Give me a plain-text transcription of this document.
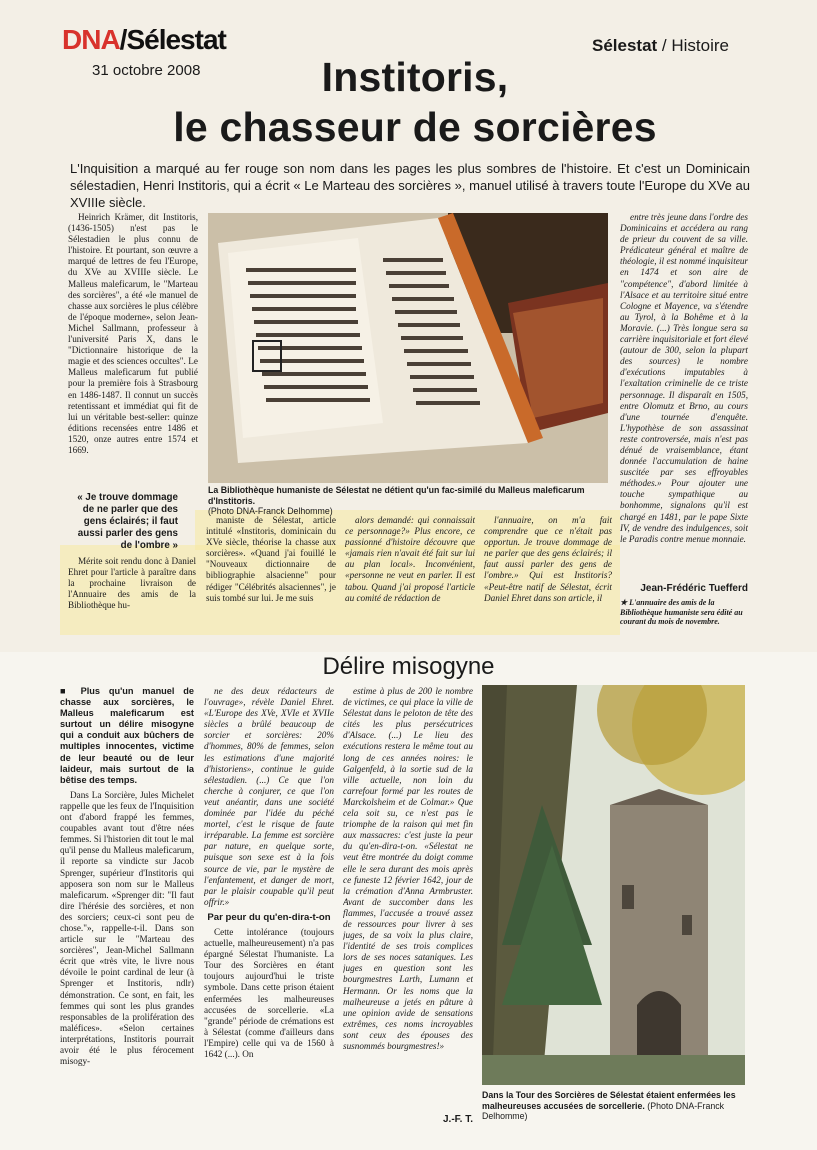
DNA/Sélestat
31 octobre 2008
Sélestat / Histoire
Institoris,
le chasseur de sorcières
L'Inquisition a marqué au fer rouge son nom dans les pages les plus sombres de l'histoire. Et c'est un Dominicain sélestadien, Henri Institoris, qui a écrit « Le Marteau des sorcières », manuel utilisé à travers toute l'Europe du XVe au XVIIIe siècle.

Heinrich Krämer, dit Institoris, (1436-1505) n'est pas le Sélestadien le plus connu de l'histoire. Et pourtant, son œuvre a marqué de lettres de feu l'Europe, du XVe au XVIIIe siècle. Le Malleus maleficarum, le "Marteau des sorcières", a été «le manuel de chasse aux sorcières le plus célèbre de l'époque moderne», selon Jean-Michel Sallmann, professeur à l'université Paris X, dans le "Dictionnaire historique de la magie et des sciences occultes". Le Malleus maleficarum fut publié pour la première fois à Strasbourg en 1486-1487. Il connut un succès retentissant et immédiat qui fit de lui un véritable best-seller: quinze éditions recensées entre 1486 et 1520, onze autres entre 1574 et 1669.

La Bibliothèque humaniste de Sélestat ne détient qu'un fac-similé du Malleus maleficarum d'Institoris.
(Photo DNA-Franck Delhomme)

entre très jeune dans l'ordre des Dominicains et accédera au rang de prieur du couvent de sa ville. Prédicateur général et maître de théologie, il est nommé inquisiteur en 1474 et son aire de "compétence", d'abord limitée à l'Alsace et au territoire situé entre Cologne et Mayence, va s'étendre au Tyrol, à la Bohême et à la Moravie. (...) Très longue sera sa carrière inquisitoriale et fort élevé (autour de 300, selon la plupart des sources) le nombre d'exécutions imputables à l'exaltation criminelle de ce triste personnage. Il disparaît en 1505, entre Olomutz et Brno, au cours d'une tournée d'enquête. L'hypothèse de son assassinat reste controversée, mais n'est pas dénué de vraisemblance, étant donnée l'accumulation de haine suscitée par ses effroyables méthodes.» Pour ajouter une touche sympathique au bonhomme, signalons qu'il est chargé en 1481, par le pape Sixte IV, de vendre des indulgences, soit le Paradis contre menue monnaie.

Jean-Frédéric Tuefferd
★ L'annuaire des amis de la Bibliothèque humaniste sera édité au courant du mois de novembre.
« Je trouve dommage de ne parler que des gens éclairés; il faut aussi parler des gens de l'ombre »

Mérite soit rendu donc à Daniel Ehret pour l'article à paraître dans la prochaine livraison de l'Annuaire des amis de la Bibliothèque hu-

maniste de Sélestat, article intitulé «Institoris, dominicain du XVe siècle, théorise la chasse aux sorcières». «Quand j'ai fouillé le "Nouveaux dictionnaire de bibliographie alsacienne" pour rédiger "Célébrités alsaciennes", je suis tombé sur lui. Je me suis

alors demandé: qui connaissait ce personnage?» Plus encore, ce passionné d'histoire découvre que «jamais rien n'avait été fait sur lui au plan local». Inconvénient, «personne ne veut en parler. Il est tabou. Quand j'ai proposé l'article au comité de rédaction de

l'annuaire, on m'a fait comprendre que ce n'était pas opportun. Je trouve dommage de ne parler que des gens éclairés; il faut aussi parler des gens de l'ombre.» Qui est Institoris? «Peut-être natif de Sélestat, écrit Daniel Ehret dans son article, il

Délire misogyne

■ Plus qu'un manuel de chasse aux sorcières, le Malleus maleficarum est surtout un délire misogyne qui a conduit aux bûchers de multiples innocentes, victime de leur beauté ou de leur laideur, mais surtout de la bêtise des temps.

Dans La Sorcière, Jules Michelet rappelle que les feux de l'Inquisition ont d'abord frappé les femmes, coupables avant tout d'être nées femmes. Si l'historien dit tout le mal qu'il pense du Malleus maleficarum, il reporte sa vindicte sur Jacob Sprenger, supérieur d'Institoris qui apposera son nom sur le Malleus maleficarum. «Sprenger dit: "Il faut dire l'hérésie des sorcières, et non des sorciers; ceux-ci sont peu de chose."», rappelle-t-il. Dans son article sur le "Marteau des sorcières", Jean-Michel Sallmann écrit que «très vite, le livre nous dévoile le point cardinal de leur (à Sprenger et Institoris, ndlr) démonstration. Ce sont, en fait, les femmes qui sont les plus grandes responsables de la prolifération des maléfices». «Selon certaines interprétations, Institoris pourrait avoir été le plus férocement misogy-

ne des deux rédacteurs de l'ouvrage», révèle Daniel Ehret. «L'Europe des XVe, XVIe et XVIIe siècles a brûlé beaucoup de sorcier et sorcières: 20% d'hommes, 80% de femmes, selon les estimations d'une majorité d'historiens», continue le guide sélestadien. (...) Ce que l'on cherche à conjurer, ce que l'on veut anéantir, dans une société dominée par l'idée du péché mortel, c'est le risque de faute irréparable. La femme est sorcière par nature, en quelque sorte, puisque son sexe est à la fois source de vie, par le mystère de l'enfantement, et danger de mort, par le plaisir coupable qu'il peut offrir.»

Par peur du qu'en-dira-t-on

Cette intolérance (toujours actuelle, malheureusement) n'a pas épargné Sélestat l'humaniste. La Tour des Sorcières en étant toujours aujourd'hui le triste symbole. Dans cette prison étaient enfermées les malheureuses accusées de sorcellerie. «La "grande" période de crémations est à Sélestat (comme d'ailleurs dans l'Empire) celle qui va de 1560 à 1642 (...). On

estime à plus de 200 le nombre de victimes, ce qui place la ville de Sélestat dans le peloton de tête des cités les plus persécutrices d'Alsace. (...) Le lieu des exécutions restera le même tout au long de ces années noires: le Galgenfeld, à la sortie sud de la ville actuelle, non loin du carrefour formé par les routes de Marckolsheim et de Colmar.» Que cela soit su, ce n'est pas le triomphe de la raison qui met fin aux massacres: c'est juste la peur du qu'en-dira-t-on. «Sélestat ne veut être montrée du doigt comme elle le sera durant des mois après ce funeste 12 février 1642, jour de la crémation d'Anna Armbruster. Avant de succomber dans les flammes, l'accusée a trouvé assez de ressources pour livrer à ses juges, de sa voix la plus claire, l'identité de ses trois complices lors de ses noces sataniques. Les juges en question sont les bourgmestres Larth, Lumann et Hermann. Or les noms que la malheureuse a jetés en pâture à une opinion avide de sensations extrêmes, ces noms incroyables sont ceux des épouses des susnommés bourgmestres!»

J.-F. T.
Dans la Tour des Sorcières de Sélestat étaient enfermées les malheureuses accusées de sorcellerie. (Photo DNA-Franck Delhomme)
